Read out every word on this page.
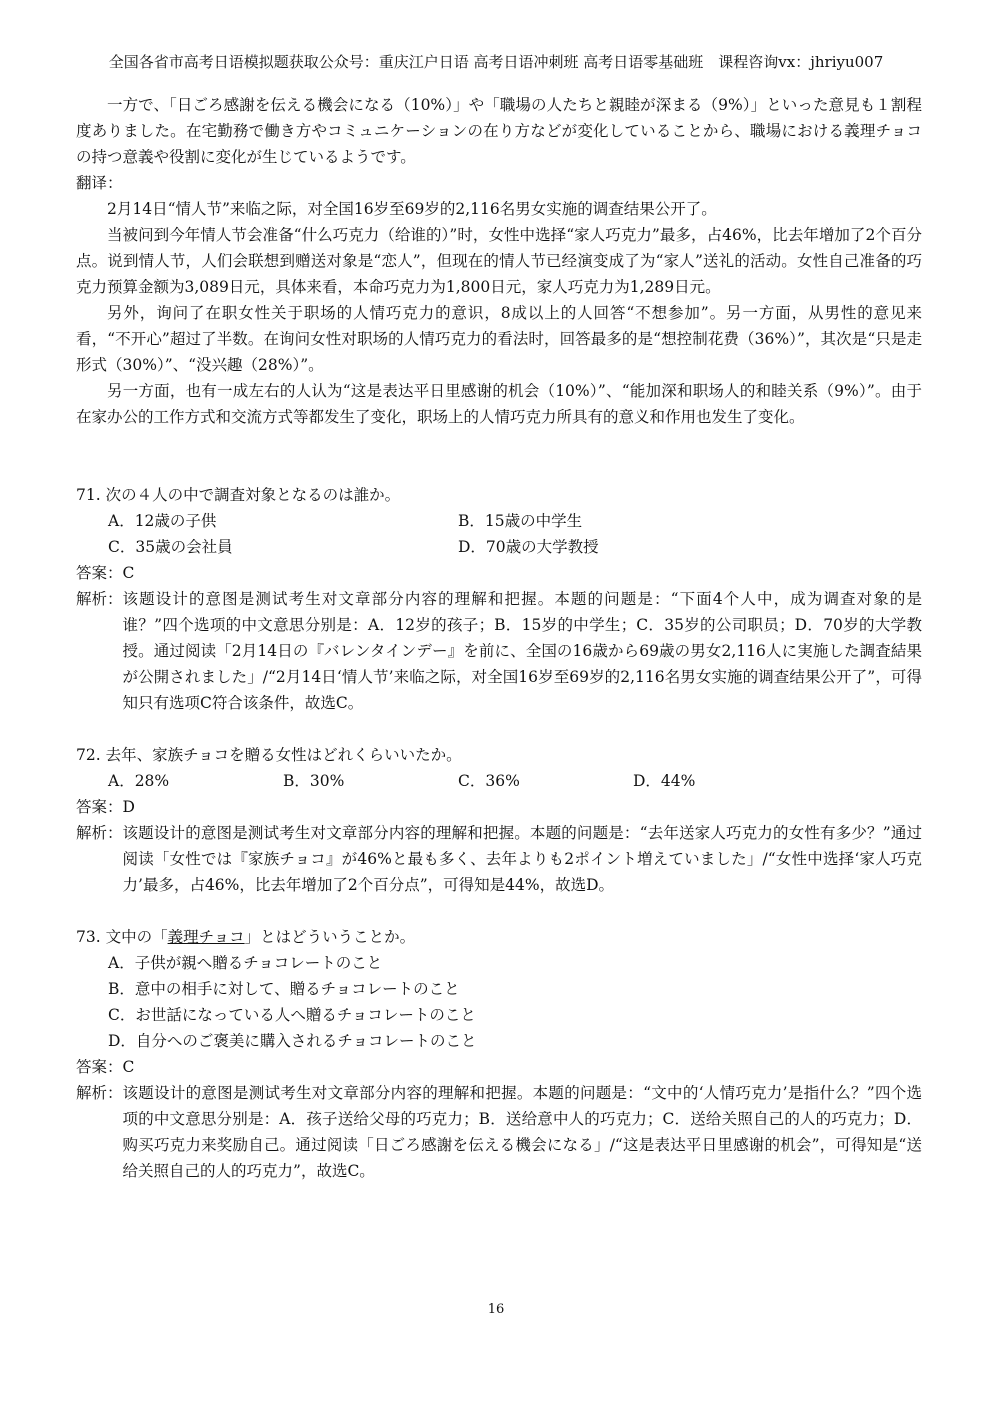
全国各省市高考日语模拟题获取公众号：重庆江户日语 高考日语冲刺班 高考日语零基础班　课程咨询vx：jhriyu007

一方で、「日ごろ感謝を伝える機会になる（10%）」や「職場の人たちと親睦が深まる（9%）」といった意見も１割程度ありました。在宅勤務で働き方やコミュニケーションの在り方などが変化していることから、職場における義理チョコの持つ意義や役割に変化が生じているようです。

翻译：

2月14日“情人节”来临之际，对全国16岁至69岁的2,116名男女实施的调查结果公开了。

当被问到今年情人节会准备“什么巧克力（给谁的）”时，女性中选择“家人巧克力”最多，占46%，比去年增加了2个百分点。说到情人节，人们会联想到赠送对象是“恋人”，但现在的情人节已经演变成了为“家人”送礼的活动。女性自己准备的巧克力预算金额为3,089日元，具体来看，本命巧克力为1,800日元，家人巧克力为1,289日元。

另外，询问了在职女性关于职场的人情巧克力的意识，8成以上的人回答“不想参加”。另一方面，从男性的意见来看，“不开心”超过了半数。在询问女性对职场的人情巧克力的看法时，回答最多的是“想控制花费（36%）”，其次是“只是走形式（30%）”、“没兴趣（28%）”。

另一方面，也有一成左右的人认为“这是表达平日里感谢的机会（10%）”、“能加深和职场人的和睦关系（9%）”。由于在家办公的工作方式和交流方式等都发生了变化，职场上的人情巧克力所具有的意义和作用也发生了变化。

71. 次の４人の中で調査対象となるのは誰か。
A．12歳の子供	B．15歳の中学生
C．35歳の会社員	D．70歳の大学教授
答案：C
解析： 该题设计的意图是测试考生对文章部分内容的理解和把握。本题的问题是：“下面4个人中，成为调查对象的是谁？”四个选项的中文意思分别是：A．12岁的孩子；B．15岁的中学生；C．35岁的公司职员；D．70岁的大学教授。通过阅读「2月14日の『バレンタインデー』を前に、全国の16歳から69歳の男女2,116人に実施した調査結果が公開されました」/“2月14日‘情人节’来临之际，对全国16岁至69岁的2,116名男女实施的调查结果公开了”，可得知只有选项C符合该条件，故选C。
72. 去年、家族チョコを贈る女性はどれくらいいたか。
A．28%	B．30%	C．36%	D．44%
答案：D
解析： 该题设计的意图是测试考生对文章部分内容的理解和把握。本题的问题是：“去年送家人巧克力的女性有多少？”通过阅读「女性では『家族チョコ』が46%と最も多く、去年よりも2ポイント増えていました」/“女性中选择‘家人巧克力’最多，占46%，比去年增加了2个百分点”，可得知是44%，故选D。
73. 文中の「義理チョコ」とはどういうことか。
A．子供が親へ贈るチョコレートのこと
B．意中の相手に対して、贈るチョコレートのこと
C．お世話になっている人へ贈るチョコレートのこと
D．自分へのご褒美に購入されるチョコレートのこと
答案：C
解析： 该题设计的意图是测试考生对文章部分内容的理解和把握。本题的问题是：“文中的‘人情巧克力’是指什么？”四个选项的中文意思分别是：A．孩子送给父母的巧克力；B．送给意中人的巧克力；C．送给关照自己的人的巧克力；D．购买巧克力来奖励自己。通过阅读「日ごろ感謝を伝える機会になる」/“这是表达平日里感谢的机会”，可得知是“送给关照自己的人的巧克力”，故选C。
16
